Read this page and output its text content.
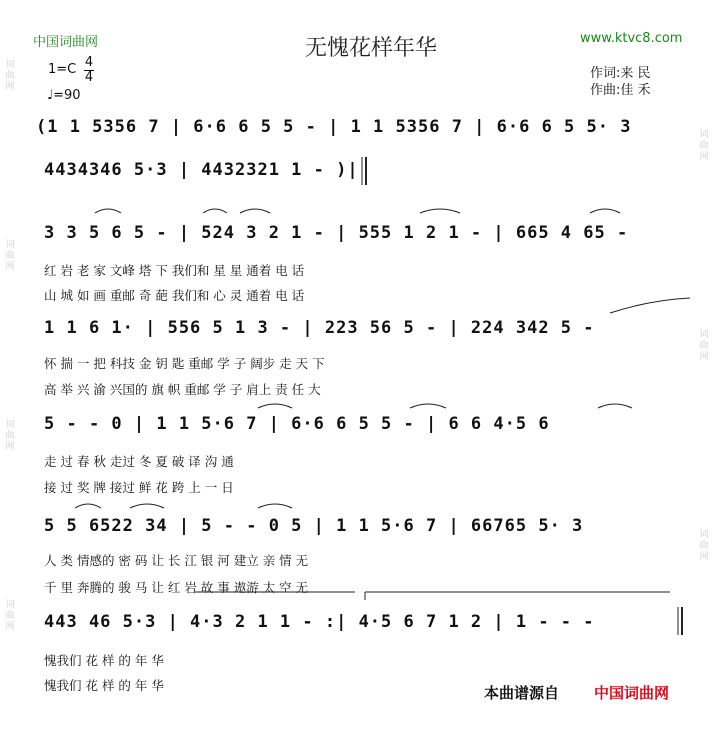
中国词曲网	无愧花样年华	www.ktvc8.com
1=C 4
4
♩=90
作词:来 民
作曲:佳 禾
词
曲
网
词
曲
网
词
曲
网
词
曲
网
词
曲
网
词
曲
网
词
曲
网
(1 1 5356 7 | 6·6 6 5 5 - | 1 1 5356 7 | 6·6 6 5 5· 3
4434346 5·3 | 4432321 1 - )|
3 3 5 6 5 - | 524 3 2 1 - | 555 1 2 1 - | 665 4 65 -
1 1 6 1· | 556 5 1 3 - | 223 56 5 - | 224 342 5 -
5 - - 0 | 1 1 5·6 7 | 6·6 6 5 5 - | 6 6 4·5 6
5 5 6522 34 | 5 - - 0 5 | 1 1 5·6 7 | 66765 5· 3
443 46 5·3 | 4·3 2 1 1 - :| 4·5 6 7 1 2 | 1 - - -
红 岩 老 家 文峰 塔 下 我们和 星 星 通着 电 话
山 城 如 画 重邮 奇 葩 我们和 心 灵 通着 电 话
怀 揣 一 把 科技 金 钥 匙 重邮 学 子 阔步 走 天 下
高 举 兴 渝 兴国的 旗 帜 重邮 学 子 肩上 责 任 大
走 过 春 秋 走过 冬 夏 破 译 沟 通
接 过 奖 牌 接过 鲜 花 跨 上 一 日
人 类 情感的 密 码 让 长 江 银 河 建立 亲 情 无
千 里 奔腾的 骏 马 让 红 岩 故 事 遨游 太 空 无
愧我们 花 样 的 年 华
愧我们 花 样 的 年 华	本曲谱源自 中国词曲网
